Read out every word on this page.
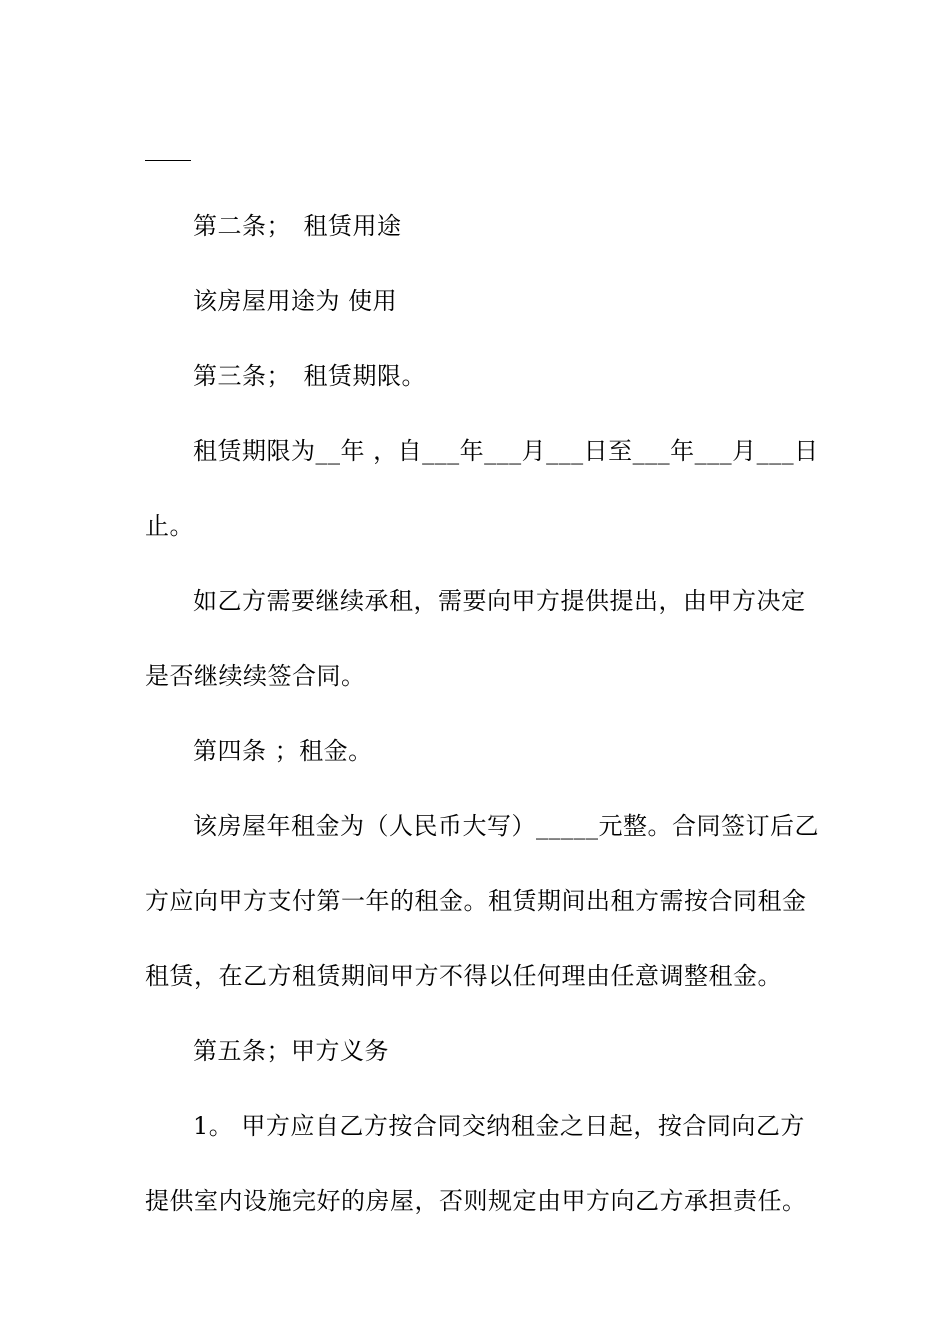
第二条；　租赁用途
该房屋用途为 使用
第三条；　租赁期限。
租赁期限为__年 ，自___年___月___日至___年___月___日
止。
如乙方需要继续承租，需要向甲方提供提出，由甲方决定
是否继续续签合同。
第四条 ；租金。
该房屋年租金为（人民币大写）_____元整。合同签订后乙
方应向甲方支付第一年的租金。租赁期间出租方需按合同租金
租赁，在乙方租赁期间甲方不得以任何理由任意调整租金。
第五条；甲方义务
1。 甲方应自乙方按合同交纳租金之日起，按合同向乙方
提供室内设施完好的房屋，否则规定由甲方向乙方承担责任。
